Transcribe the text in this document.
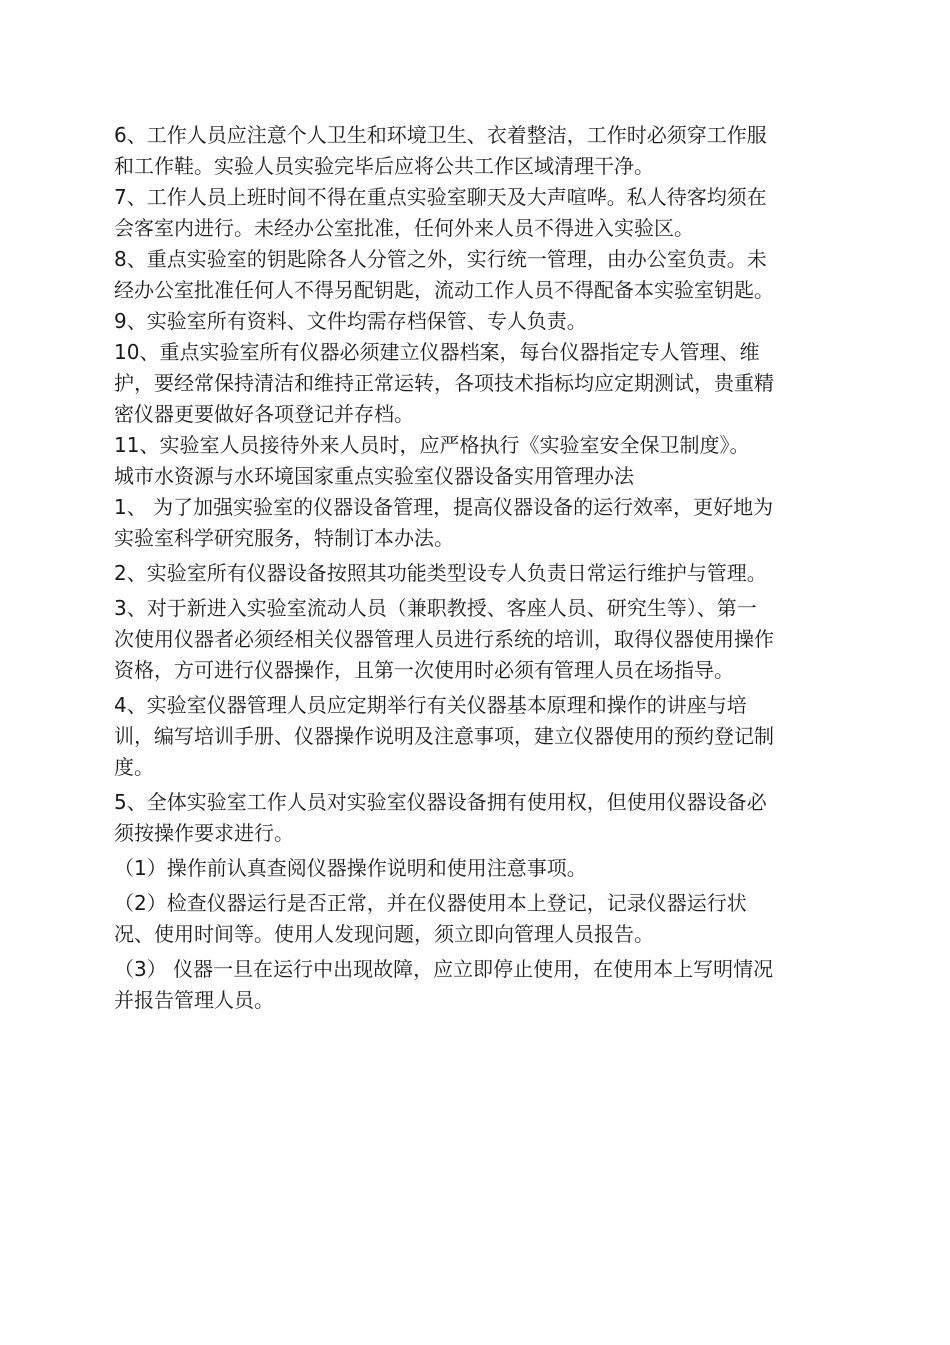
6、工作人员应注意个人卫生和环境卫生、衣着整洁，工作时必须穿工作服和工作鞋。实验人员实验完毕后应将公共工作区域清理干净。

7、工作人员上班时间不得在重点实验室聊天及大声喧哗。私人待客均须在会客室内进行。未经办公室批准，任何外来人员不得进入实验区。

8、重点实验室的钥匙除各人分管之外，实行统一管理，由办公室负责。未经办公室批准任何人不得另配钥匙，流动工作人员不得配备本实验室钥匙。

9、实验室所有资料、文件均需存档保管、专人负责。

10、重点实验室所有仪器必须建立仪器档案，每台仪器指定专人管理、维护，要经常保持清洁和维持正常运转，各项技术指标均应定期测试，贵重精密仪器更要做好各项登记并存档。

11、实验室人员接待外来人员时，应严格执行《实验室安全保卫制度》。

城市水资源与水环境国家重点实验室仪器设备实用管理办法

1、 为了加强实验室的仪器设备管理，提高仪器设备的运行效率，更好地为实验室科学研究服务，特制订本办法。

2、实验室所有仪器设备按照其功能类型设专人负责日常运行维护与管理。

3、对于新进入实验室流动人员（兼职教授、客座人员、研究生等）、第一次使用仪器者必须经相关仪器管理人员进行系统的培训，取得仪器使用操作资格，方可进行仪器操作，且第一次使用时必须有管理人员在场指导。

4、实验室仪器管理人员应定期举行有关仪器基本原理和操作的讲座与培训，编写培训手册、仪器操作说明及注意事项，建立仪器使用的预约登记制度。

5、全体实验室工作人员对实验室仪器设备拥有使用权，但使用仪器设备必须按操作要求进行。

（1）操作前认真查阅仪器操作说明和使用注意事项。

（2）检查仪器运行是否正常，并在仪器使用本上登记，记录仪器运行状况、使用时间等。使用人发现问题，须立即向管理人员报告。

（3） 仪器一旦在运行中出现故障，应立即停止使用，在使用本上写明情况并报告管理人员。
